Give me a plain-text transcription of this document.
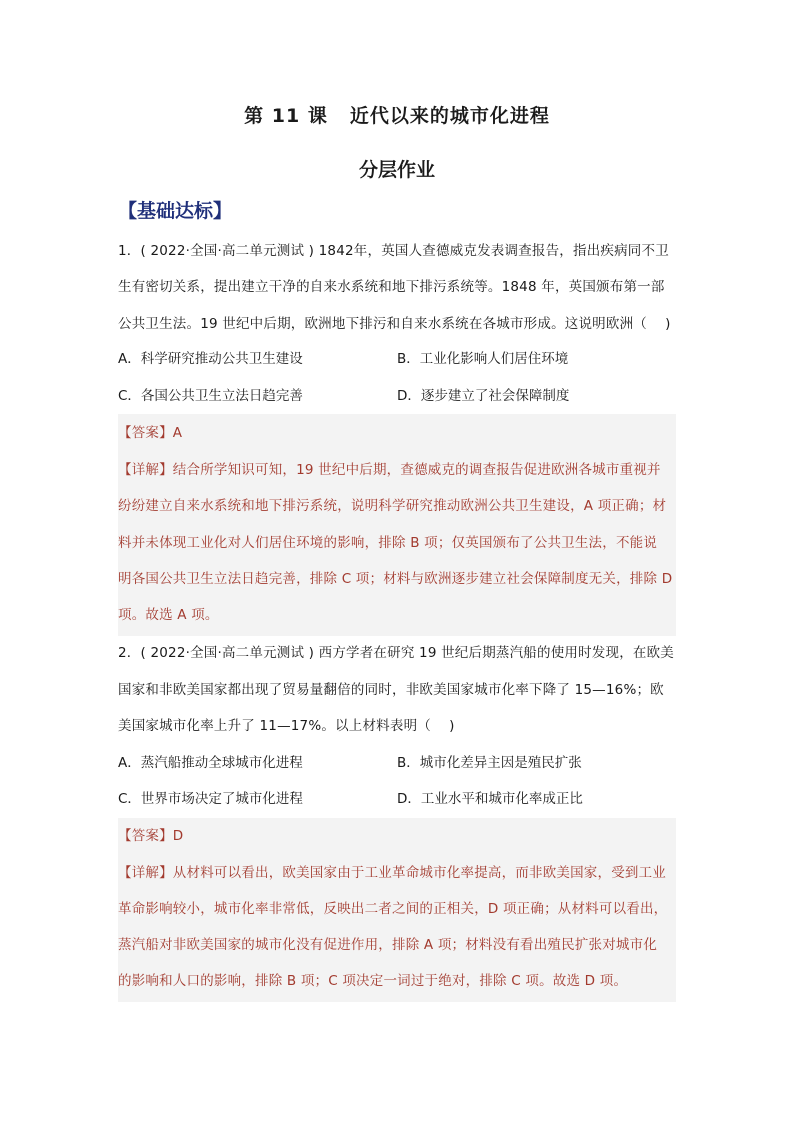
第 11 课 近代以来的城市化进程
分层作业
【基础达标】
1．( 2022·全国·高二单元测试 ) 1842年，英国人查德威克发表调查报告，指出疾病同不卫
生有密切关系，提出建立干净的自来水系统和地下排污系统等。1848 年，英国颁布第一部
公共卫生法。19 世纪中后期，欧洲地下排污和自来水系统在各城市形成。这说明欧洲（　 )
A．科学研究推动公共卫生建设	B．工业化影响人们居住环境
C．各国公共卫生立法日趋完善	D．逐步建立了社会保障制度
【答案】A
【详解】结合所学知识可知，19 世纪中后期，查德威克的调查报告促进欧洲各城市重视并
纷纷建立自来水系统和地下排污系统，说明科学研究推动欧洲公共卫生建设，A 项正确；材
料并未体现工业化对人们居住环境的影响，排除 B 项；仅英国颁布了公共卫生法，不能说
明各国公共卫生立法日趋完善，排除 C 项；材料与欧洲逐步建立社会保障制度无关，排除 D
项。故选 A 项。
2．( 2022·全国·高二单元测试 ) 西方学者在研究 19 世纪后期蒸汽船的使用时发现，在欧美
国家和非欧美国家都出现了贸易量翻倍的同时，非欧美国家城市化率下降了 15—16%；欧
美国家城市化率上升了 11—17%。以上材料表明（　 )
A．蒸汽船推动全球城市化进程	B．城市化差异主因是殖民扩张
C．世界市场决定了城市化进程	D．工业水平和城市化率成正比
【答案】D
【详解】从材料可以看出，欧美国家由于工业革命城市化率提高，而非欧美国家，受到工业
革命影响较小，城市化率非常低，反映出二者之间的正相关，D 项正确；从材料可以看出，
蒸汽船对非欧美国家的城市化没有促进作用，排除 A 项；材料没有看出殖民扩张对城市化
的影响和人口的影响，排除 B 项；C 项决定一词过于绝对，排除 C 项。故选 D 项。
